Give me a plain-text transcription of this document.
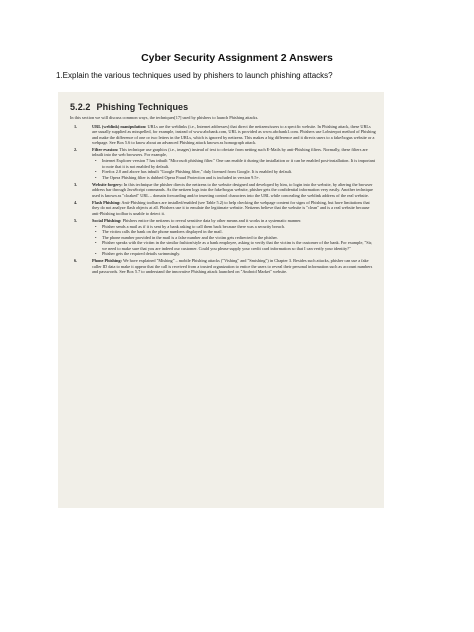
Cyber Security Assignment 2 Answers
1.Explain the various techniques used by phishers to launch phishing attacks?
5.2.2 Phishing Techniques
In this section we will discuss common ways, the techniques[17] used by phishers to launch Phishing attacks.
1.	URL (weblink) manipulation: URLs are the weblinks (i.e., Internet addresses) that direct the netizens/users to a specific website. In Phishing attack, these URLs are usually supplied as misspelled, for example, instead of www.abcbank.com, URL is provided as www.abcbank1.com. Phishers use Lobsterpot method of Phishing and make the difference of one or two letters in the URLs, which is ignored by netizens. This makes a big difference and it directs users to a fake/bogus website or a webpage. See Box 5.6 to know about an advanced Phishing attack known as homograph attack.
2.	Filter evasion: This technique use graphics (i.e., images) instead of text to obviate from netting such E-Mails by anti-Phishing filters. Normally, these filters are inbuilt into the web browsers. For example,
• Internet Explorer version 7 has inbuilt "Microsoft phishing filter." One can enable it during the installation or it can be enabled post-installation. It is important to note that it is not enabled by default.
• Firefox 2.0 and above has inbuilt "Google Phishing filter," duly licensed from Google. It is enabled by default.
• The Opera Phishing filter is dubbed Opera Fraud Protection and is included in version 9.5+.
3.	Website forgery: In this technique the phisher directs the netizens to the website designed and developed by him, to login into the website, by altering the browser address bar through JavaScript commands. As the netizen logs into the fake/bogus website, phisher gets the confidential information very easily. Another technique used is known as "cloaked" URL – domain forwarding and/or inserting control characters into the URL while concealing the weblink address of the real website.
4.	Flash Phishing: Anti-Phishing toolbars are installed/enabled (see Table 5.2) to help checking the webpage content for signs of Phishing, but have limitations that they do not analyze flash objects at all. Phishers use it to emulate the legitimate website. Netizens believe that the website is "clean" and is a real website because anti-Phishing toolbar is unable to detect it.
5.	Social Phishing: Phishers entice the netizens to reveal sensitive data by other means and it works in a systematic manner.
• Phisher sends a mail as if it is sent by a bank asking to call them back because there was a security breach.
• The victim calls the bank on the phone numbers displayed in the mail.
• The phone number provided in the mail is a false number and the victim gets redirected to the phisher.
• Phisher speaks with the victim in the similar fashion/style as a bank employee, asking to verify that the victim is the customer of the bank. For example, "Sir, we need to make sure that you are indeed our customer. Could you please supply your credit card information so that I can verify your identity?"
• Phisher gets the required details swimmingly.
6.	Phone Phishing: We have explained "Mishing" – mobile Phishing attacks ("Vishing" and "Smishing") in Chapter 3. Besides such attacks, phisher can use a fake caller ID data to make it appear that the call is received from a trusted organization to entice the users to reveal their personal information such as account numbers and passwords. See Box 5.7 to understand the innovative Phishing attack launched on "Android Market" website.
